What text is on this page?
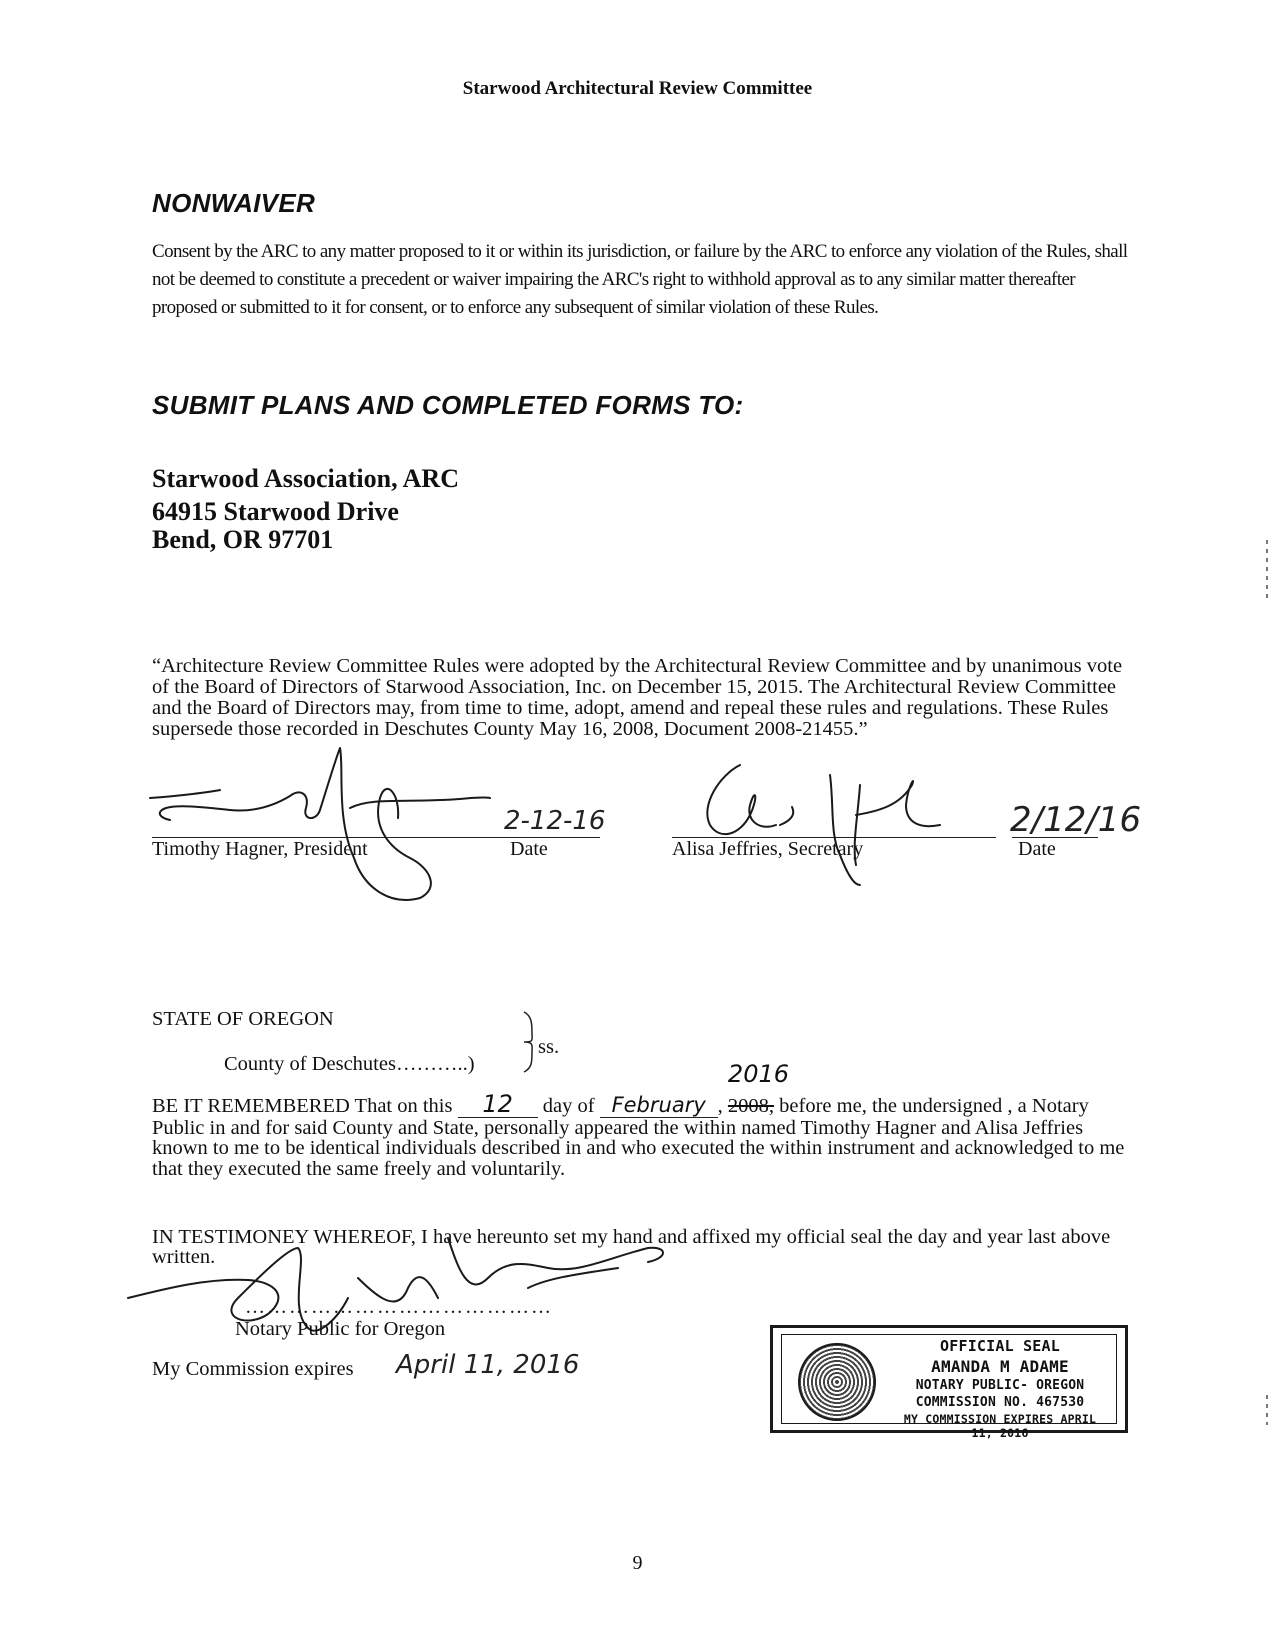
Starwood Architectural Review Committee
NONWAIVER
Consent by the ARC to any matter proposed to it or within its jurisdiction, or failure by the ARC to enforce any violation of the Rules, shall not be deemed to constitute a precedent or waiver impairing the ARC's right to withhold approval as to any similar matter thereafter proposed or submitted to it for consent, or to enforce any subsequent of similar violation of these Rules.
SUBMIT PLANS AND COMPLETED FORMS TO:
Starwood Association, ARC
64915 Starwood Drive
Bend, OR 97701
“Architecture Review Committee Rules were adopted by the Architectural Review Committee and by unanimous vote of the Board of Directors of Starwood Association, Inc. on December 15, 2015. The Architectural Review Committee and the Board of Directors may, from time to time, adopt, amend and repeal these rules and regulations. These Rules supersede those recorded in Deschutes County May 16, 2008, Document 2008-21455.”
Timothy Hagner, President	Date
2-12-16
Alisa Jeffries, Secretary	Date
2/12/16
STATE OF OREGON
County of Deschutes………..)
ss.
BE IT REMEMBERED That on this 12 day of February ,
2016
2008, before me, the undersigned , a Notary Public in and for said County and State, personally appeared the within named Timothy Hagner and Alisa Jeffries known to me to be identical individuals described in and who executed the within instrument and acknowledged to me that they executed the same freely and voluntarily.
IN TESTIMONEY WHEREOF, I have hereunto set my hand and affixed my official seal the day and year last above written.
……………………………………
Notary Public for Oregon
My Commission expires April 11, 2016
OFFICIAL SEAL
AMANDA M ADAME
NOTARY PUBLIC- OREGON
COMMISSION NO. 467530
MY COMMISSION EXPIRES APRIL 11, 2016
9
